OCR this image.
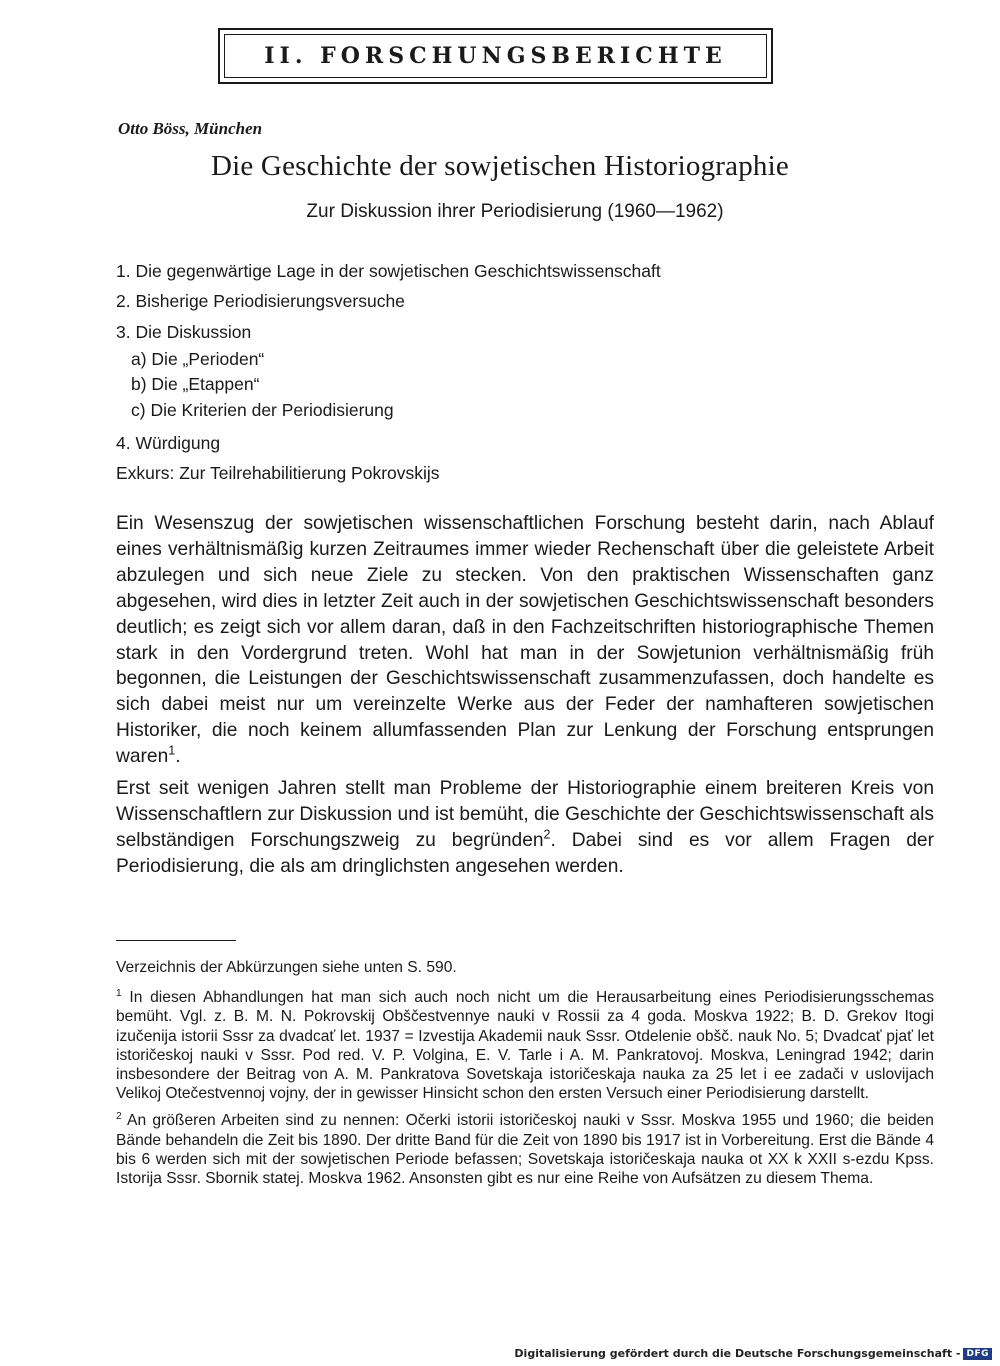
II. FORSCHUNGSBERICHTE
Otto Böss, München
Die Geschichte der sowjetischen Historiographie
Zur Diskussion ihrer Periodisierung (1960—1962)
1. Die gegenwärtige Lage in der sowjetischen Geschichtswissenschaft
2. Bisherige Periodisierungsversuche
3. Die Diskussion
a) Die „Perioden“
b) Die „Etappen“
c) Die Kriterien der Periodisierung
4. Würdigung
Exkurs: Zur Teilrehabilitierung Pokrovskijs

Ein Wesenszug der sowjetischen wissenschaftlichen Forschung besteht darin, nach Ablauf eines verhältnismäßig kurzen Zeitraumes immer wieder Rechenschaft über die geleistete Arbeit abzulegen und sich neue Ziele zu stecken. Von den praktischen Wissenschaften ganz abgesehen, wird dies in letzter Zeit auch in der sowjetischen Geschichtswissenschaft besonders deutlich; es zeigt sich vor allem daran, daß in den Fachzeitschriften historiographische Themen stark in den Vordergrund treten. Wohl hat man in der Sowjetunion verhältnismäßig früh begonnen, die Leistungen der Geschichtswissenschaft zusammenzufassen, doch handelte es sich dabei meist nur um vereinzelte Werke aus der Feder der namhafteren sowjetischen Historiker, die noch keinem allumfassenden Plan zur Lenkung der Forschung entsprungen waren$^1$.

Erst seit wenigen Jahren stellt man Probleme der Historiographie einem breiteren Kreis von Wissenschaftlern zur Diskussion und ist bemüht, die Geschichte der Geschichtswissenschaft als selbständigen Forschungszweig zu begründen$^2$. Dabei sind es vor allem Fragen der Periodisierung, die als am dringlichsten angesehen werden.

Verzeichnis der Abkürzungen siehe unten S. 590.

$^1$ In diesen Abhandlungen hat man sich auch noch nicht um die Herausarbeitung eines Periodisierungsschemas bemüht. Vgl. z. B. M. N. Pokrovskij Obščestvennye nauki v Rossii za 4 goda. Moskva 1922; B. D. Grekov Itogi izučenija istorii Sssr za dvadcať let. 1937 = Izvestija Akademii nauk Sssr. Otdelenie obšč. nauk No. 5; Dvadcať pjať let istoričeskoj nauki v Sssr. Pod red. V. P. Volgina, E. V. Tarle i A. M. Pankratovoj. Moskva, Leningrad 1942; darin insbesondere der Beitrag von A. M. Pankratova Sovetskaja istoričeskaja nauka za 25 let i ee zadači v uslovijach Velikoj Otečestvennoj vojny, der in gewisser Hinsicht schon den ersten Versuch einer Periodisierung darstellt.

$^2$ An größeren Arbeiten sind zu nennen: Očerki istorii istoričeskoj nauki v Sssr. Moskva 1955 und 1960; die beiden Bände behandeln die Zeit bis 1890. Der dritte Band für die Zeit von 1890 bis 1917 ist in Vorbereitung. Erst die Bände 4 bis 6 werden sich mit der sowjetischen Periode befassen; Sovetskaja istoričeskaja nauka ot XX k XXII s-ezdu Kpss. Istorija Sssr. Sbornik statej. Moskva 1962. Ansonsten gibt es nur eine Reihe von Aufsätzen zu diesem Thema.

Digitalisierung gefördert durch die Deutsche Forschungsgemeinschaft - DFG
